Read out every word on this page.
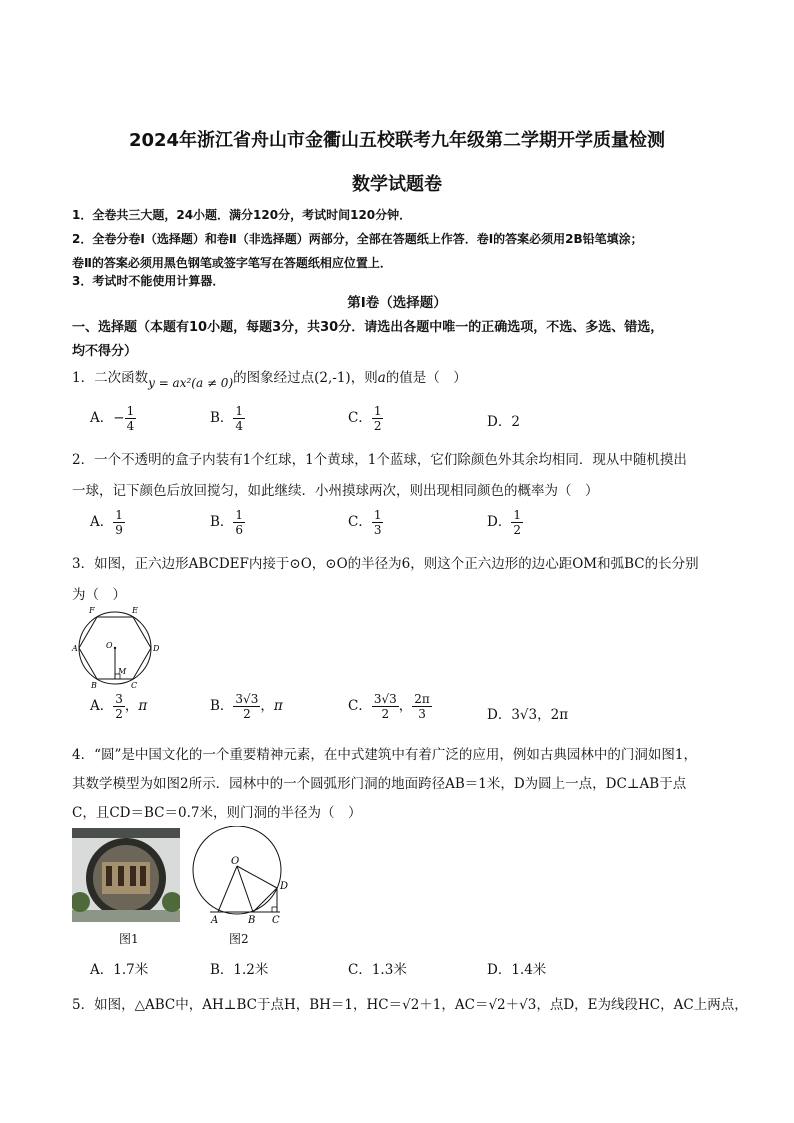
2024年浙江省舟山市金衢山五校联考九年级第二学期开学质量检测
数学试题卷
1．全卷共三大题，24小题．满分120分，考试时间120分钟．
2．全卷分卷Ⅰ（选择题）和卷Ⅱ（非选择题）两部分，全部在答题纸上作答．卷Ⅰ的答案必须用2B铅笔填涂；
卷Ⅱ的答案必须用黑色钢笔或签字笔写在答题纸相应位置上．
3．考试时不能使用计算器．
第Ⅰ卷（选择题）
一、选择题（本题有10小题，每题3分，共30分．请选出各题中唯一的正确选项，不选、多选、错选，
均不得分）
1．二次函数y = ax²(a ≠ 0)的图象经过点(2,-1)，则a的值是（　）
A．− $\frac{1}{4}$	B． $\frac{1}{4}$	C． $\frac{1}{2}$	D．2
2．一个不透明的盒子内装有1个红球，1个黄球，1个蓝球，它们除颜色外其余均相同．现从中随机摸出
一球，记下颜色后放回搅匀，如此继续．小州摸球两次，则出现相同颜色的概率为（　）
A． $\frac{1}{9}$	B． $\frac{1}{6}$	C． $\frac{1}{3}$	D． $\frac{1}{2}$
3．如图，正六边形ABCDEF内接于⊙O，⊙O的半径为6，则这个正六边形的边心距OM和弧BC的长分别
为（　）
F	E
A	O	D
M
B	C
A． $\frac{3}{2}$ ，π	B． $\frac{3√3}{2}$ ，π	C． $\frac{3√3}{2}$ ， $\frac{2\pi}{3}$	D．3√3，2π
4．“圆”是中国文化的一个重要精神元素，在中式建筑中有着广泛的应用，例如古典园林中的门洞如图1，
其数学模型为如图2所示．园林中的一个圆弧形门洞的地面跨径AB＝1米，D为圆上一点，DC⊥AB于点
C，且CD＝BC＝0.7米，则门洞的半径为（　）
图1
O
D
A	B C
图2
A．1.7米	B．1.2米	C．1.3米	D．1.4米
5．如图，△ABC中，AH⊥BC于点H，BH＝1，HC＝√2＋1，AC＝√2＋√3，点D，E为线段HC，AC上两点，
